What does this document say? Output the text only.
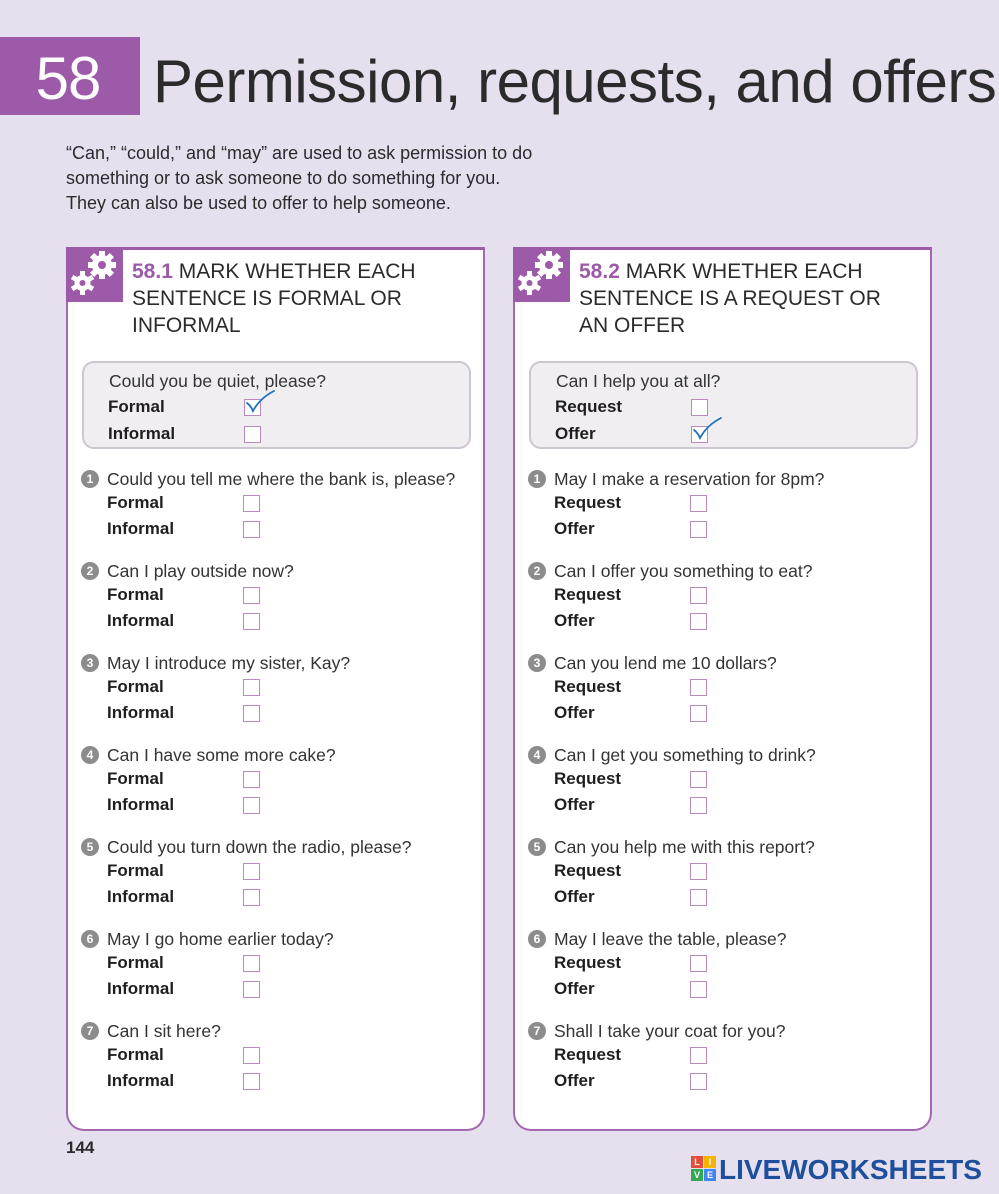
58 Permission, requests, and offers
“Can,” “could,” and “may” are used to ask permission to do something or to ask someone to do something for you. They can also be used to offer to help someone.
58.1 MARK WHETHER EACH SENTENCE IS FORMAL OR INFORMAL
Could you be quiet, please?
Formal
Informal
1 Could you tell me where the bank is, please?
Formal
Informal
2 Can I play outside now?
Formal
Informal
3 May I introduce my sister, Kay?
Formal
Informal
4 Can I have some more cake?
Formal
Informal
5 Could you turn down the radio, please?
Formal
Informal
6 May I go home earlier today?
Formal
Informal
7 Can I sit here?
Formal
Informal
58.2 MARK WHETHER EACH SENTENCE IS A REQUEST OR AN OFFER
Can I help you at all?
Request
Offer
1 May I make a reservation for 8pm?
Request
Offer
2 Can I offer you something to eat?
Request
Offer
3 Can you lend me 10 dollars?
Request
Offer
4 Can I get you something to drink?
Request
Offer
5 Can you help me with this report?
Request
Offer
6 May I leave the table, please?
Request
Offer
7 Shall I take your coat for you?
Request
Offer
144
L I
V E LIVEWORKSHEETS
